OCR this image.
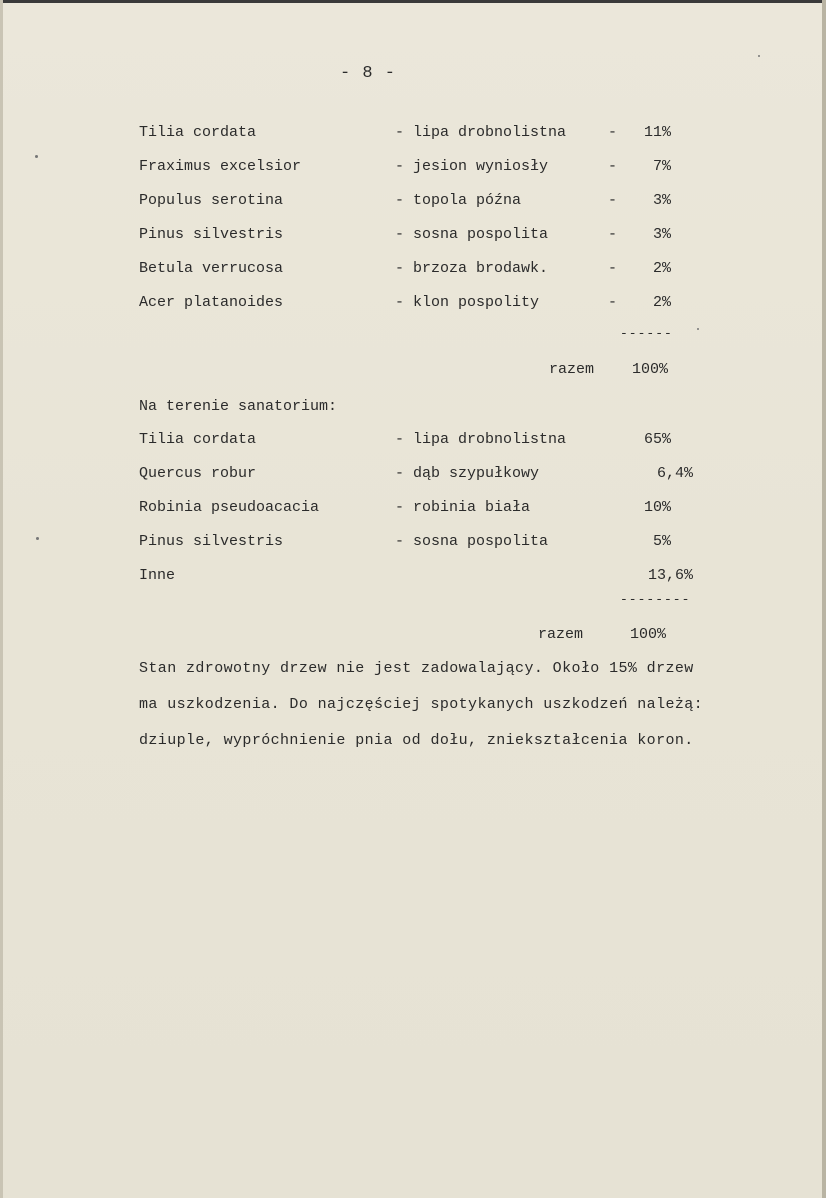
- 8 -
Tilia cordata	- lipa drobnolistna	- 11%
Fraximus excelsior	- jesion wyniosły	- 7%
Populus serotina	- topola późna	- 3%
Pinus silvestris	- sosna pospolita	- 3%
Betula verrucosa	- brzoza brodawk.	- 2%
Acer platanoides	- klon pospolity	- 2%
------
razem	100%
Na terenie sanatorium:
Tilia cordata	- lipa drobnolistna	65%
Quercus robur	- dąb szypułkowy	6,4%
Robinia pseudoacacia	- robinia biała	10%
Pinus silvestris	- sosna pospolita	5%
Inne	13,6%
--------
razem	100%
Stan zdrowotny drzew nie jest zadowalający. Około 15% drzew
ma uszkodzenia. Do najczęściej spotykanych uszkodzeń należą:
dziuple, wypróchnienie pnia od dołu, zniekształcenia koron.
